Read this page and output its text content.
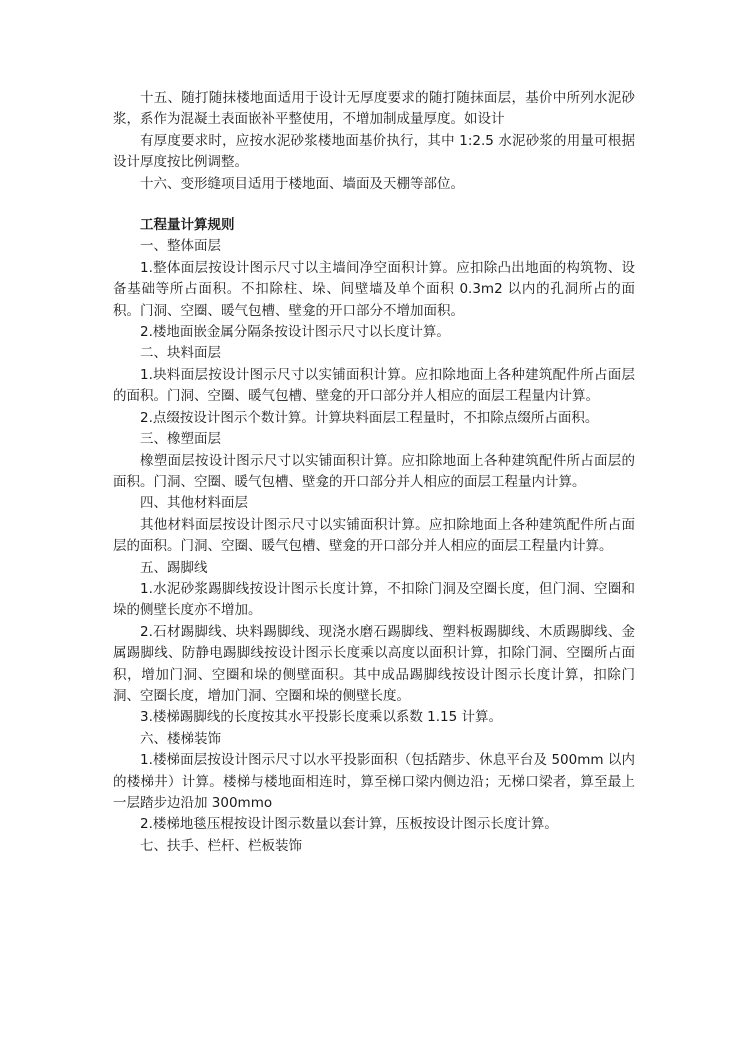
十五、随打随抹楼地面适用于设计无厚度要求的随打随抹面层，基价中所列水泥砂浆，系作为混凝土表面嵌补平整使用，不增加制成量厚度。如设计

有厚度要求时，应按水泥砂浆楼地面基价执行，其中 1:2.5 水泥砂浆的用量可根据设计厚度按比例调整。

十六、变形缝项目适用于楼地面、墙面及天棚等部位。

工程量计算规则

一、整体面层

1.整体面层按设计图示尺寸以主墙间净空面积计算。应扣除凸出地面的构筑物、设备基础等所占面积。不扣除柱、垛、间壁墙及单个面积 0.3m2 以内的孔洞所占的面积。门洞、空圈、暖气包槽、壁龛的开口部分不增加面积。

2.楼地面嵌金属分隔条按设计图示尺寸以长度计算。

二、块料面层

1.块料面层按设计图示尺寸以实铺面积计算。应扣除地面上各种建筑配件所占面层的面积。门洞、空圈、暖气包槽、壁龛的开口部分并人相应的面层工程量内计算。

2.点缀按设计图示个数计算。计算块料面层工程量时，不扣除点缀所占面积。

三、橡塑面层

橡塑面层按设计图示尺寸以实铺面积计算。应扣除地面上各种建筑配件所占面层的面积。门洞、空圈、暖气包槽、壁龛的开口部分并人相应的面层工程量内计算。

四、其他材料面层

其他材料面层按设计图示尺寸以实铺面积计算。应扣除地面上各种建筑配件所占面层的面积。门洞、空圈、暖气包槽、壁龛的开口部分并人相应的面层工程量内计算。

五、踢脚线

1.水泥砂浆踢脚线按设计图示长度计算，不扣除门洞及空圈长度，但门洞、空圈和垛的侧壁长度亦不增加。

2.石材踢脚线、块料踢脚线、现浇水磨石踢脚线、塑料板踢脚线、木质踢脚线、金属踢脚线、防静电踢脚线按设计图示长度乘以高度以面积计算，扣除门洞、空圈所占面积，增加门洞、空圈和垛的侧壁面积。其中成品踢脚线按设计图示长度计算，扣除门洞、空圈长度，增加门洞、空圈和垛的侧壁长度。

3.楼梯踢脚线的长度按其水平投影长度乘以系数 1.15 计算。

六、楼梯装饰

1.楼梯面层按设计图示尺寸以水平投影面积（包括踏步、休息平台及 500mm 以内的楼梯井）计算。楼梯与楼地面相连时，算至梯口梁内侧边沿；无梯口梁者，算至最上一层踏步边沿加 300mmo

2.楼梯地毯压棍按设计图示数量以套计算，压板按设计图示长度计算。

七、扶手、栏杆、栏板装饰
